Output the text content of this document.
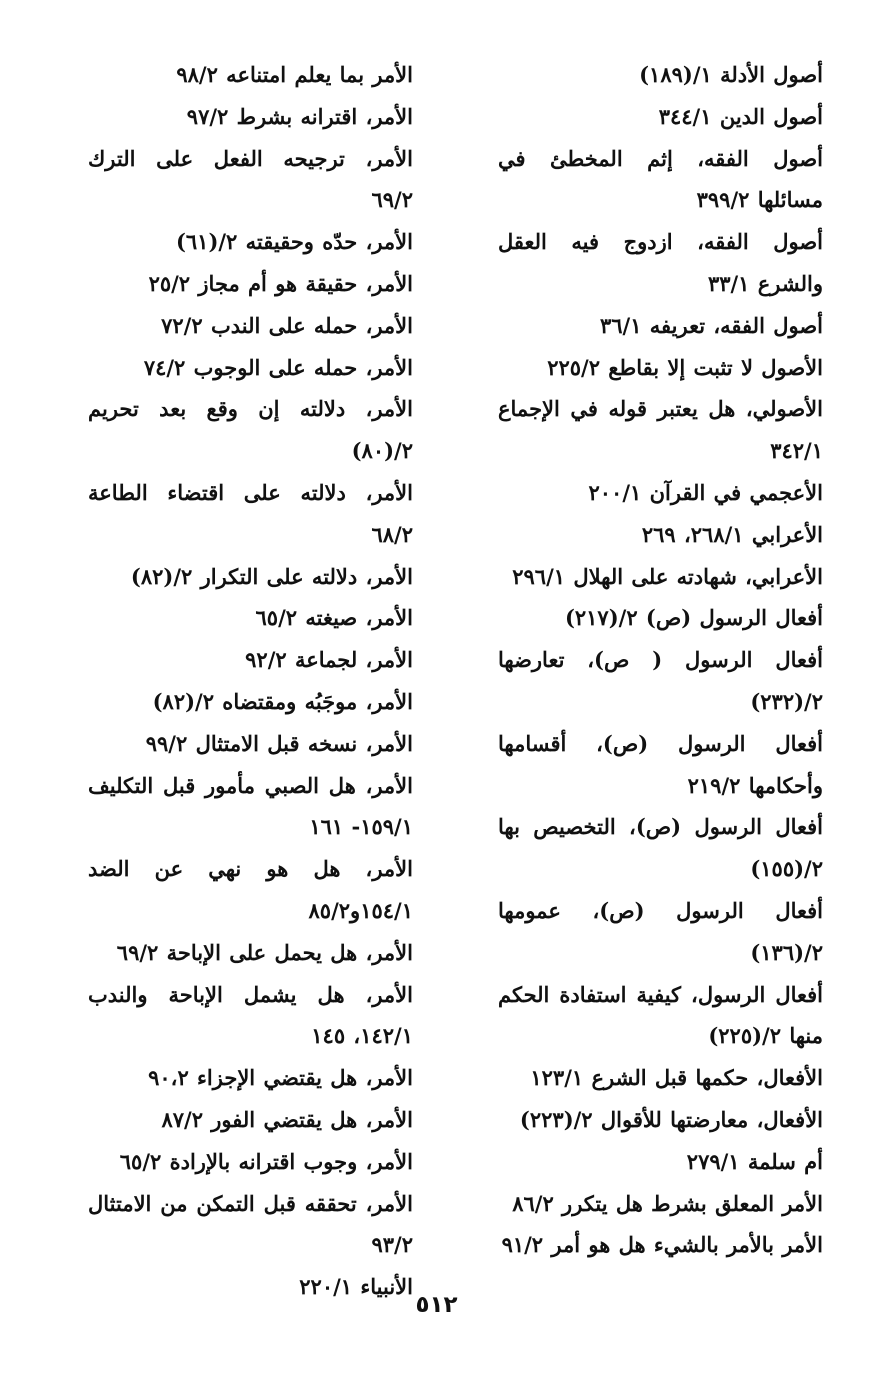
أصول الأدلة ١/(١٨٩)
أصول الدين ٣٤٤/١
أصول الفقه، إثم المخطئ في مسائلها ٣٩٩/٢
أصول الفقه، ازدوج فيه العقل والشرع ٣٣/١
أصول الفقه، تعريفه ٣٦/١
الأصول لا تثبت إلا بقاطع ٢٢٥/٢
الأصولي، هل يعتبر قوله في الإجماع ٣٤٢/١
الأعجمي في القرآن ٢٠٠/١
الأعرابي ٢٦٨/١، ٢٦٩
الأعرابي، شهادته على الهلال ٢٩٦/١
أفعال الرسول (ص) ٢/(٢١٧)
أفعال الرسول ( ص)، تعارضها ٢/(٢٣٢)
أفعال الرسول (ص)، أقسامها وأحكامها ٢١٩/٢
أفعال الرسول (ص)، التخصيص بها ٢/(١٥٥)
أفعال الرسول (ص)، عمومها ٢/(١٣٦)
أفعال الرسول، كيفية استفادة الحكم منها ٢/(٢٢٥)
الأفعال، حكمها قبل الشرع ١٢٣/١
الأفعال، معارضتها للأقوال ٢/(٢٢٣)
أم سلمة ٢٧٩/١
الأمر المعلق بشرط هل يتكرر ٨٦/٢
الأمر بالأمر بالشيء هل هو أمر ٩١/٢
الأمر بما يعلم امتناعه ٩٨/٢
الأمر، اقترانه بشرط ٩٧/٢
الأمر، ترجيحه الفعل على الترك ٦٩/٢
الأمر، حدّه وحقيقته ٢/(٦١)
الأمر، حقيقة هو أم مجاز ٢٥/٢
الأمر، حمله على الندب ٧٢/٢
الأمر، حمله على الوجوب ٧٤/٢
الأمر، دلالته إن وقع بعد تحريم ٢/(٨٠)
الأمر، دلالته على اقتضاء الطاعة ٦٨/٢
الأمر، دلالته على التكرار ٢/(٨٢)
الأمر، صيغته ٦٥/٢
الأمر، لجماعة ٩٢/٢
الأمر، موجَبُه ومقتضاه ٢/(٨٢)
الأمر، نسخه قبل الامتثال ٩٩/٢
الأمر، هل الصبي مأمور قبل التكليف ١٥٩/١- ١٦١
الأمر، هل هو نهي عن الضد ١٥٤/١و٨٥/٢
الأمر، هل يحمل على الإباحة ٦٩/٢
الأمر، هل يشمل الإباحة والندب ١٤٢/١، ١٤٥
الأمر، هل يقتضي الإجزاء ٩٠،٢
الأمر، هل يقتضي الفور ٨٧/٢
الأمر، وجوب اقترانه بالإرادة ٦٥/٢
الأمر، تحققه قبل التمكن من الامتثال ٩٣/٢
الأنبياء ٢٢٠/١
٥١٢
